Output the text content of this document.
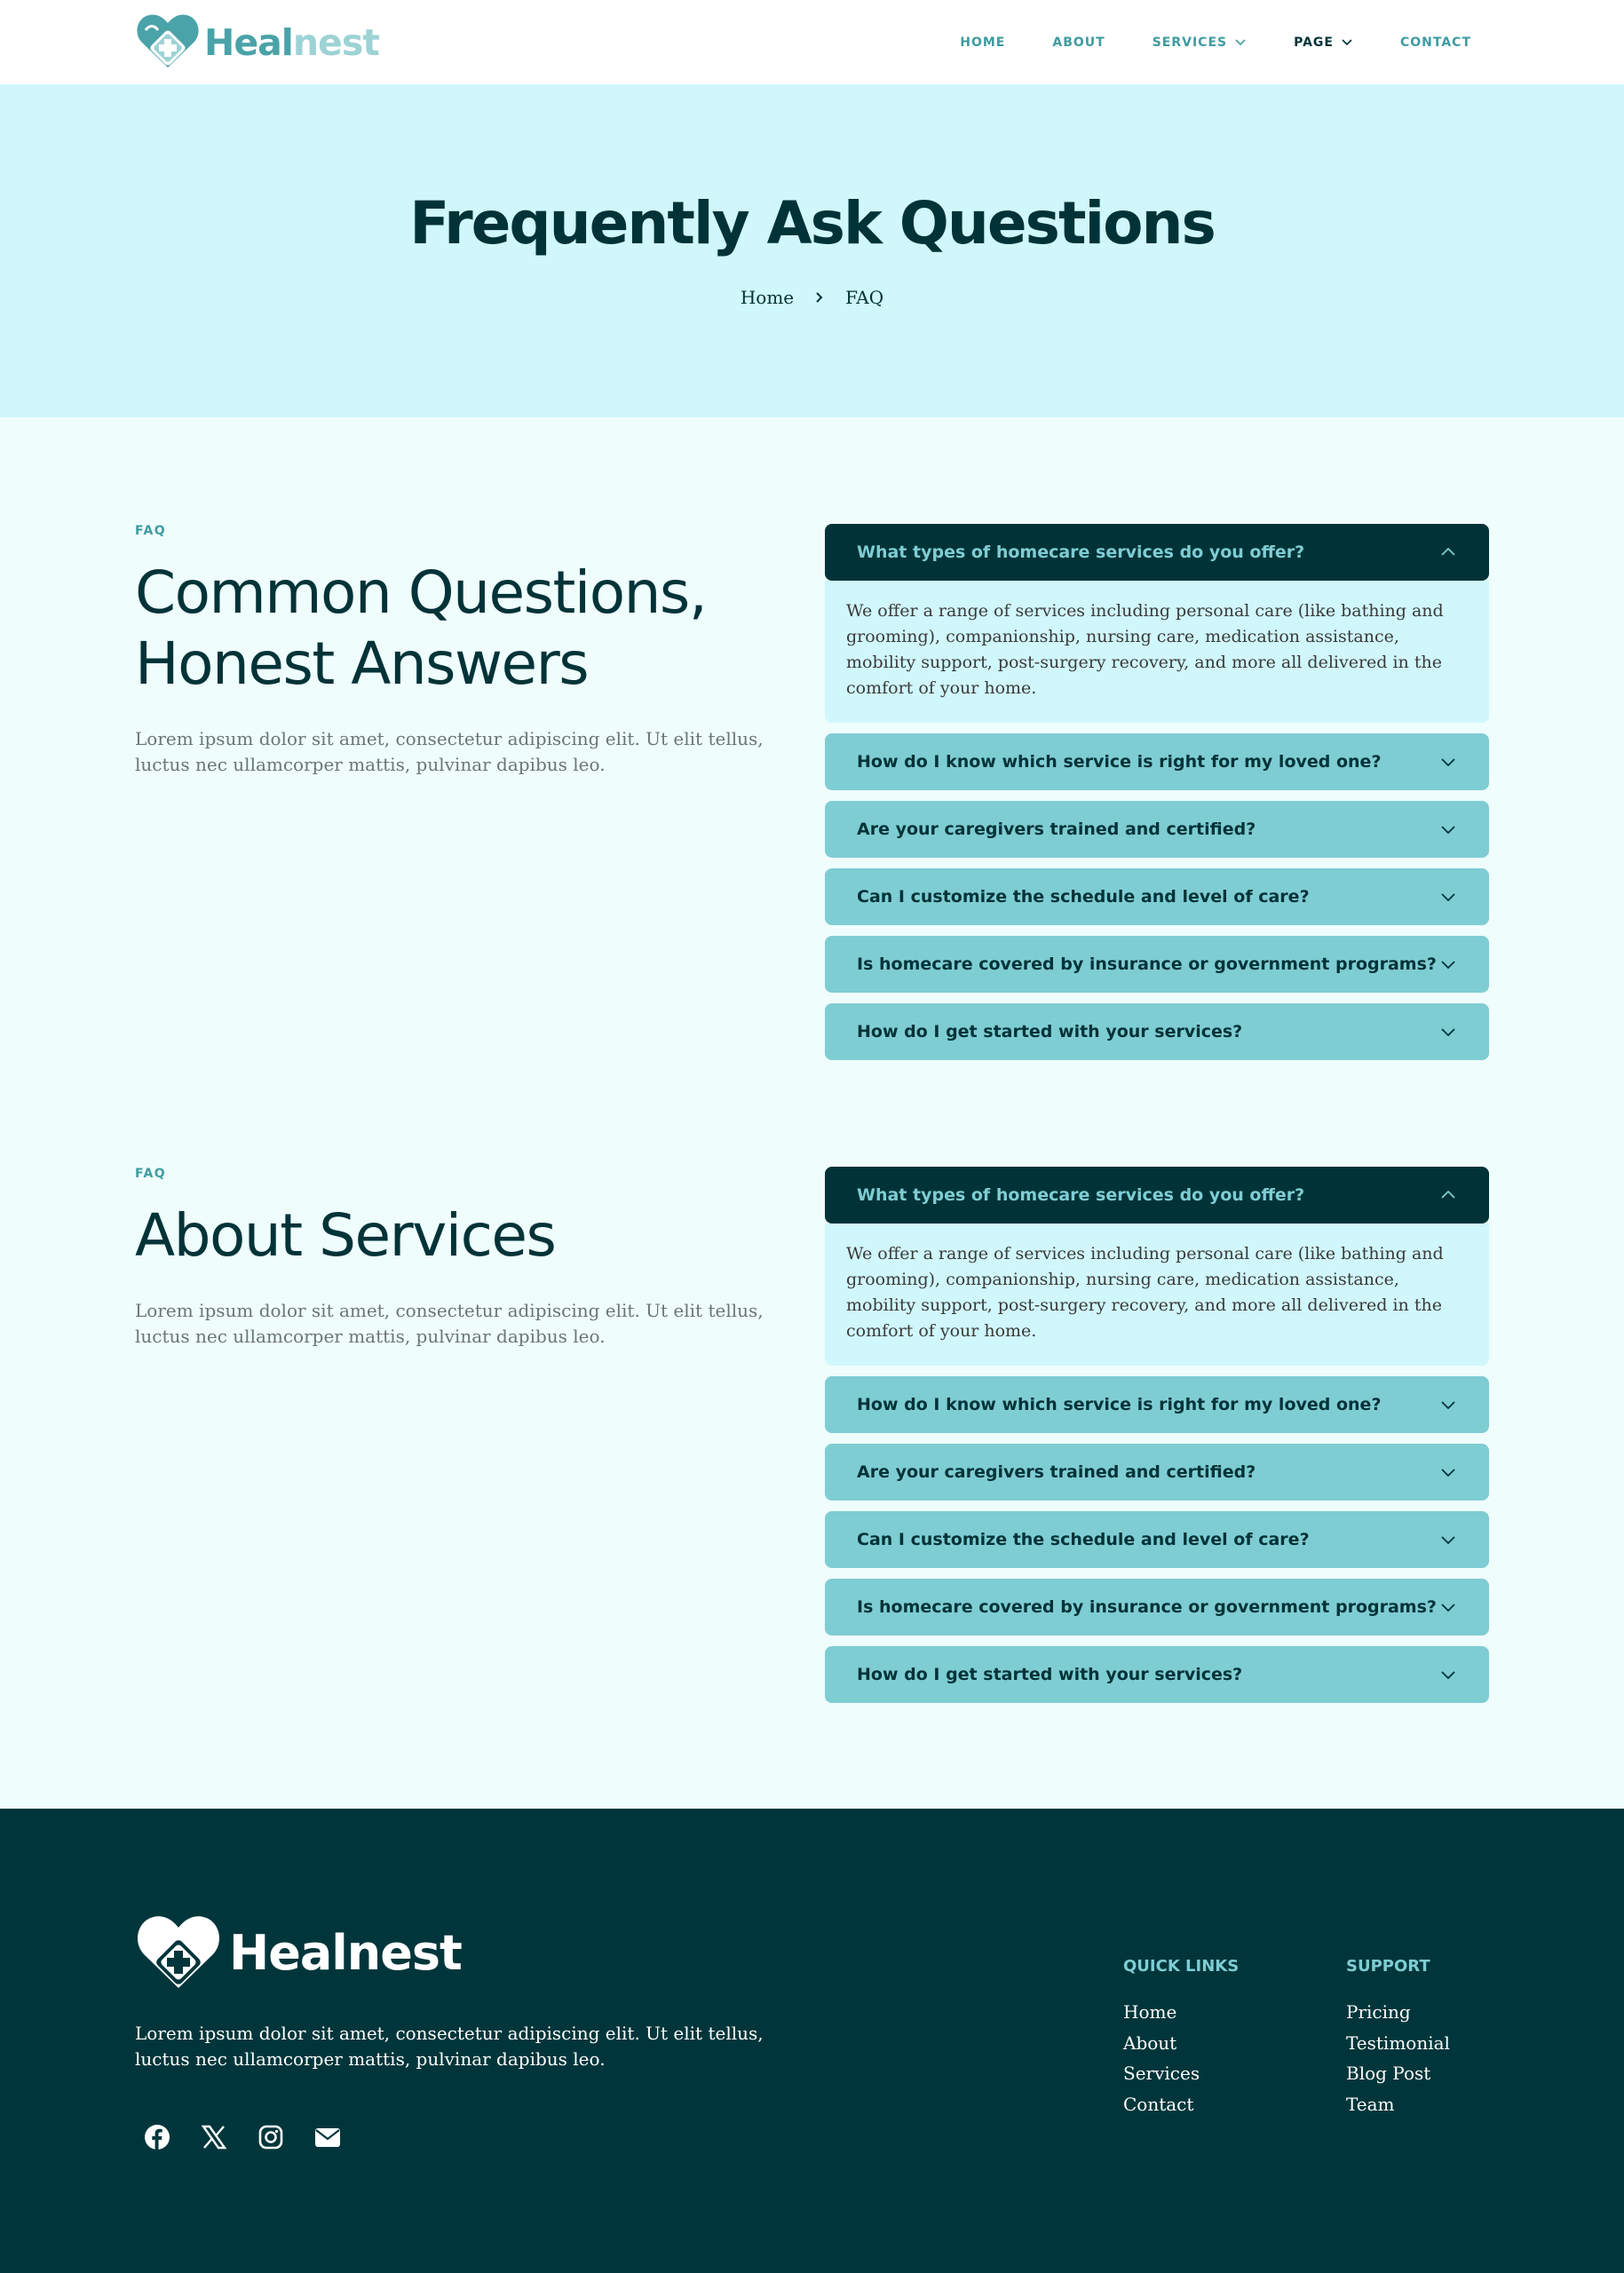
Healnest	HOME	ABOUT	SERVICES	PAGE	CONTACT
Frequently Ask Questions
Home	FAQ
FAQ
Common Questions,
Honest Answers

Lorem ipsum dolor sit amet, consectetur adipiscing elit. Ut elit tellus, luctus nec ullamcorper mattis, pulvinar dapibus leo.

What types of homecare services do you offer?
We offer a range of services including personal care (like bathing and grooming), companionship, nursing care, medication assistance, mobility support, post-surgery recovery, and more all delivered in the comfort of your home.
How do I know which service is right for my loved one?
Are your caregivers trained and certified?
Can I customize the schedule and level of care?
Is homecare covered by insurance or government programs?
How do I get started with your services?
FAQ
About Services

Lorem ipsum dolor sit amet, consectetur adipiscing elit. Ut elit tellus, luctus nec ullamcorper mattis, pulvinar dapibus leo.

What types of homecare services do you offer?
We offer a range of services including personal care (like bathing and grooming), companionship, nursing care, medication assistance, mobility support, post-surgery recovery, and more all delivered in the comfort of your home.
How do I know which service is right for my loved one?
Are your caregivers trained and certified?
Can I customize the schedule and level of care?
Is homecare covered by insurance or government programs?
How do I get started with your services?
Healnest

Lorem ipsum dolor sit amet, consectetur adipiscing elit. Ut elit tellus, luctus nec ullamcorper mattis, pulvinar dapibus leo.

QUICK LINKS
Home
About
Services
Contact
SUPPORT
Pricing
Testimonial
Blog Post
Team
